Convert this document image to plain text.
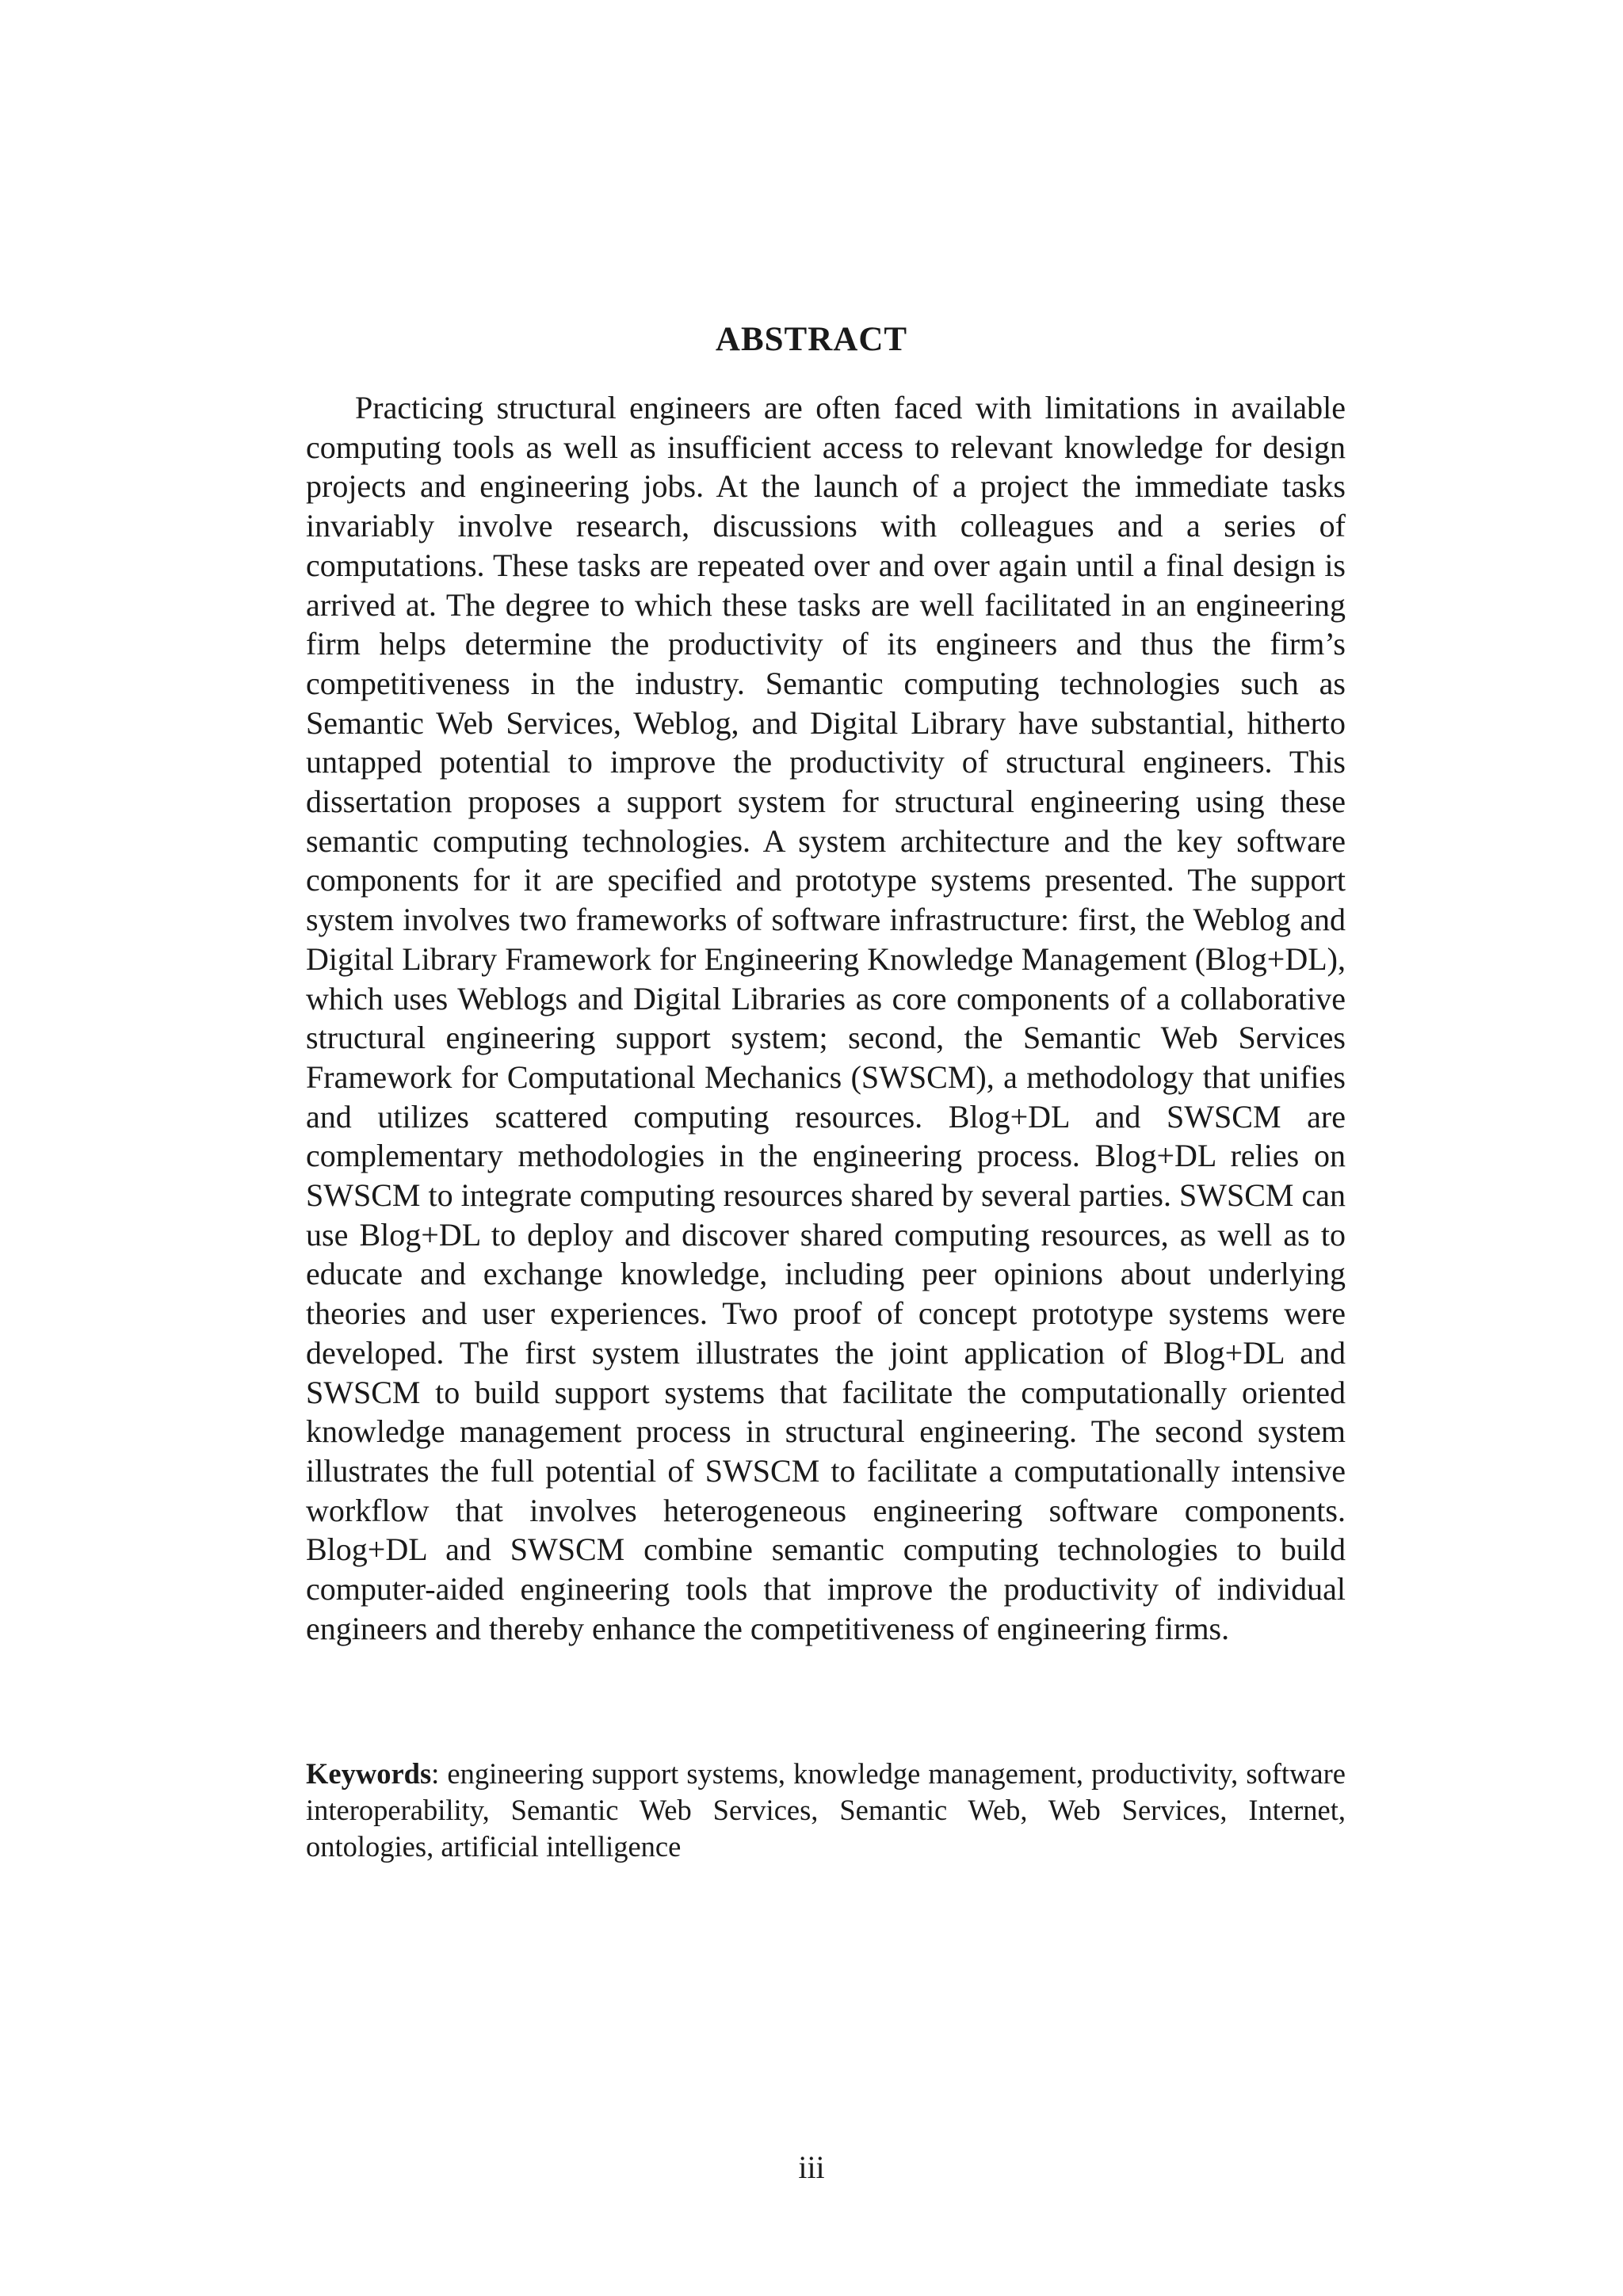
ABSTRACT

Practicing structural engineers are often faced with limitations in available computing tools as well as insufficient access to relevant knowledge for design projects and engineering jobs. At the launch of a project the immediate tasks invariably involve research, discussions with colleagues and a series of computations. These tasks are repeated over and over again until a final design is arrived at. The degree to which these tasks are well facilitated in an engineering firm helps determine the productivity of its engineers and thus the firm’s competitiveness in the industry. Semantic computing technologies such as Semantic Web Services, Weblog, and Digital Library have substantial, hitherto untapped potential to improve the productivity of structural engineers. This dissertation proposes a support system for structural engineering using these semantic computing technologies. A system architecture and the key software components for it are specified and prototype systems presented. The support system involves two frameworks of software infrastructure: first, the Weblog and Digital Library Framework for Engineering Knowledge Management (Blog+DL), which uses Weblogs and Digital Libraries as core components of a collaborative structural engineering support system; second, the Semantic Web Services Framework for Computational Mechanics (SWSCM), a methodology that unifies and utilizes scattered computing resources. Blog+DL and SWSCM are complementary methodologies in the engineering process. Blog+DL relies on SWSCM to integrate computing resources shared by several parties. SWSCM can use Blog+DL to deploy and discover shared computing resources, as well as to educate and exchange knowledge, including peer opinions about underlying theories and user experiences. Two proof of concept prototype systems were developed. The first system illustrates the joint application of Blog+DL and SWSCM to build support systems that facilitate the computationally oriented knowledge management process in structural engineering. The second system illustrates the full potential of SWSCM to facilitate a computationally intensive workflow that involves heterogeneous engineering software components. Blog+DL and SWSCM combine semantic computing technologies to build computer-aided engineering tools that improve the productivity of individual engineers and thereby enhance the competitiveness of engineering firms.

Keywords: engineering support systems, knowledge management, productivity, software interoperability, Semantic Web Services, Semantic Web, Web Services, Internet, ontologies, artificial intelligence

iii
